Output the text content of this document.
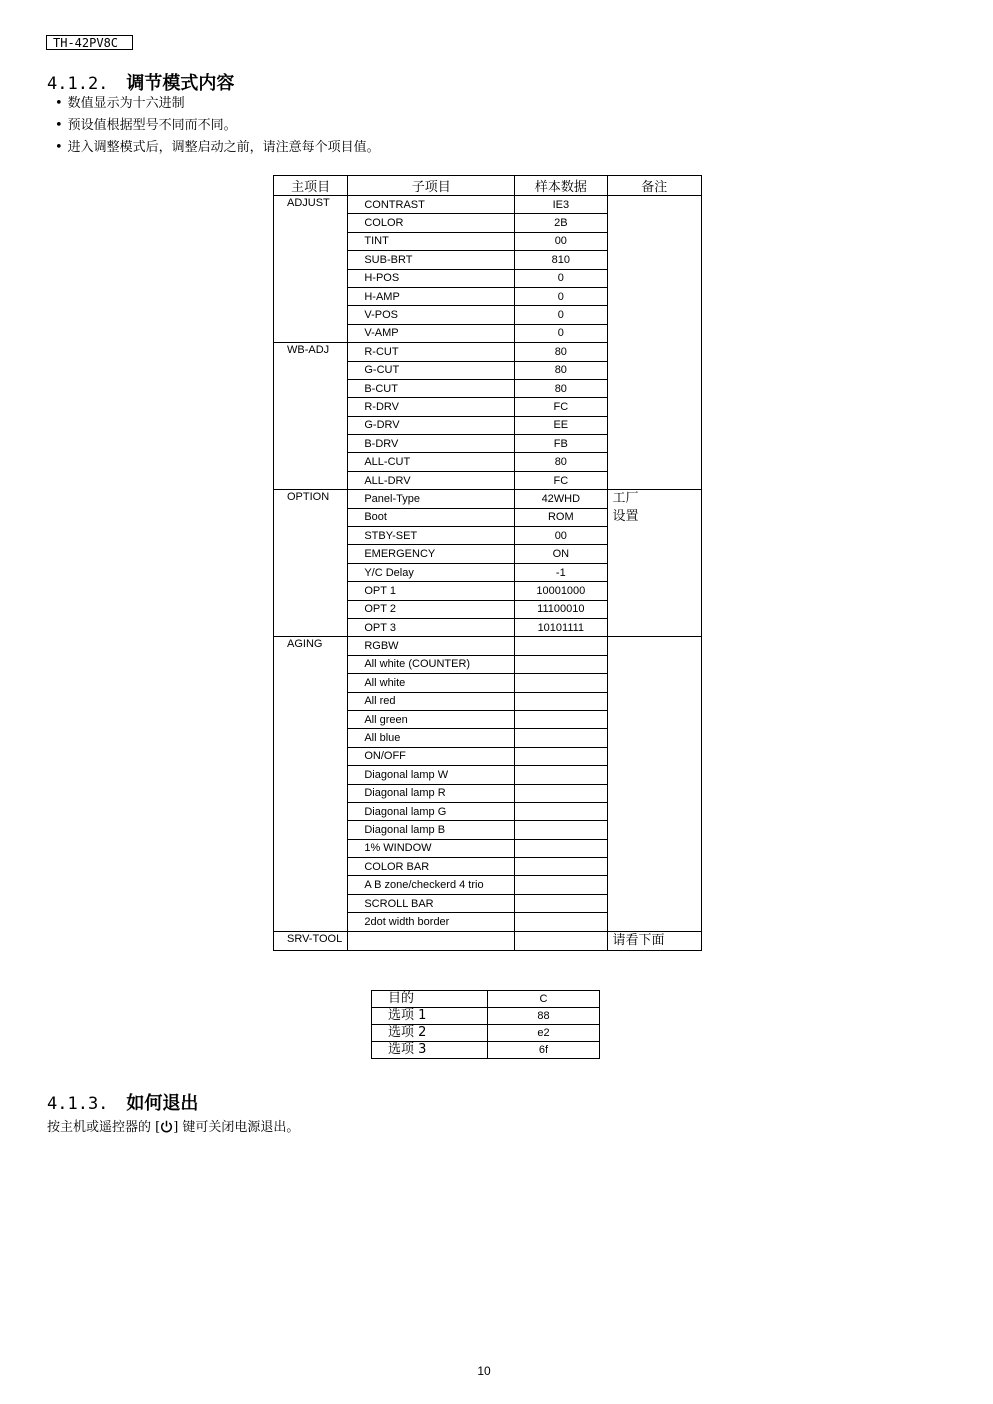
TH-42PV8C
4.1.2. 调节模式内容
• 数值显示为十六进制
• 预设值根据型号不同而不同。
• 进入调整模式后，调整启动之前，请注意每个项目值。
主项目	子项目	样本数据	备注
ADJUST	CONTRAST	IE3	
	COLOR	2B	
	TINT	00	
	SUB-BRT	810	
	H-POS	0	
	H-AMP	0	
	V-POS	0	
	V-AMP	0	
WB-ADJ	R-CUT	80	
	G-CUT	80	
	B-CUT	80	
	R-DRV	FC	
	G-DRV	EE	
	B-DRV	FB	
	ALL-CUT	80	
	ALL-DRV	FC	
OPTION	Panel-Type	42WHD	工厂
设置

	Boot	ROM	
	STBY-SET	00	
	EMERGENCY	ON	
	Y/C Delay	-1	
	OPT 1	10001000	
	OPT 2	11100010	
	OPT 3	10101111	
AGING	RGBW		
	All white (COUNTER)		
	All white		
	All red		
	All green		
	All blue		
	ON/OFF		
	Diagonal lamp W		
	Diagonal lamp R		
	Diagonal lamp G		
	Diagonal lamp B		
	1% WINDOW		
	COLOR BAR		
	A B zone/checkerd 4 trio		
	SCROLL BAR		
	2dot width border		
SRV-TOOL			请看下面
目的	C
选项 1	88
选项 2	e2
选项 3	6f
4.1.3. 如何退出
按主机或遥控器的 [ ] 键可关闭电源退出。
10
